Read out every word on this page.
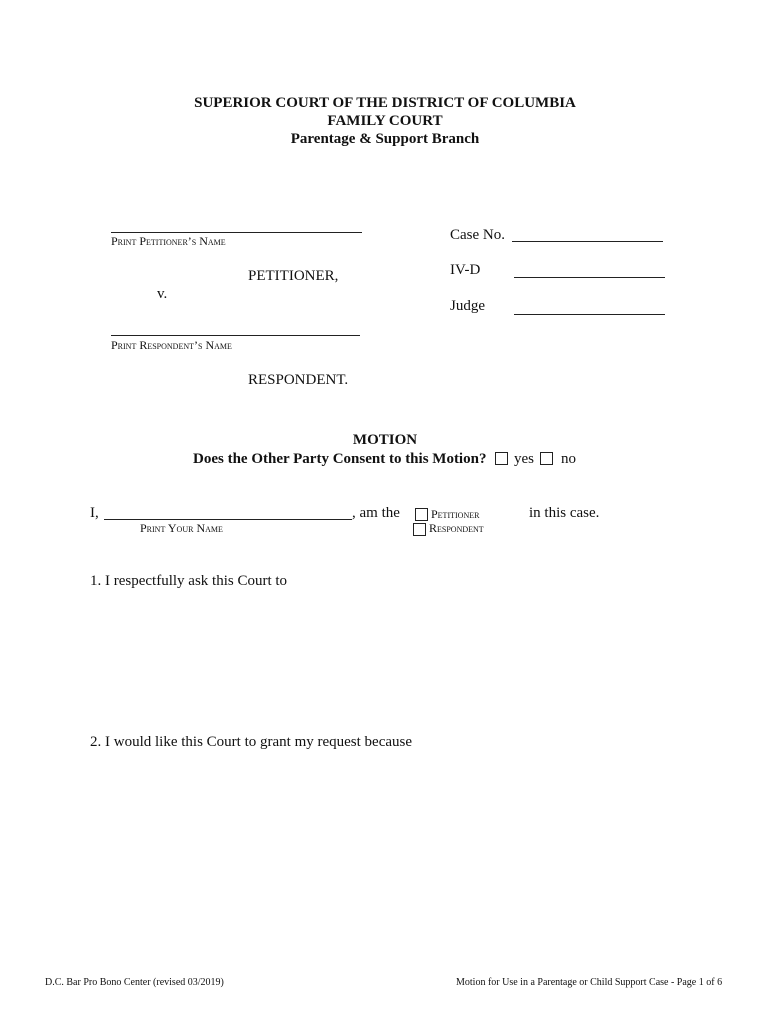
SUPERIOR COURT OF THE DISTRICT OF COLUMBIA
FAMILY COURT
Parentage & Support Branch
Print Petitioner’s Name
PETITIONER,
v.
Print Respondent’s Name
RESPONDENT.
Case No.
IV-D
Judge
MOTION
Does the Other Party Consent to this Motion? yes no
I,	, am the
Print Your Name
Petitioner
Respondent
in this case.
1. I respectfully ask this Court to
2. I would like this Court to grant my request because
D.C. Bar Pro Bono Center (revised 03/2019)	Motion for Use in a Parentage or Child Support Case - Page 1 of 6
